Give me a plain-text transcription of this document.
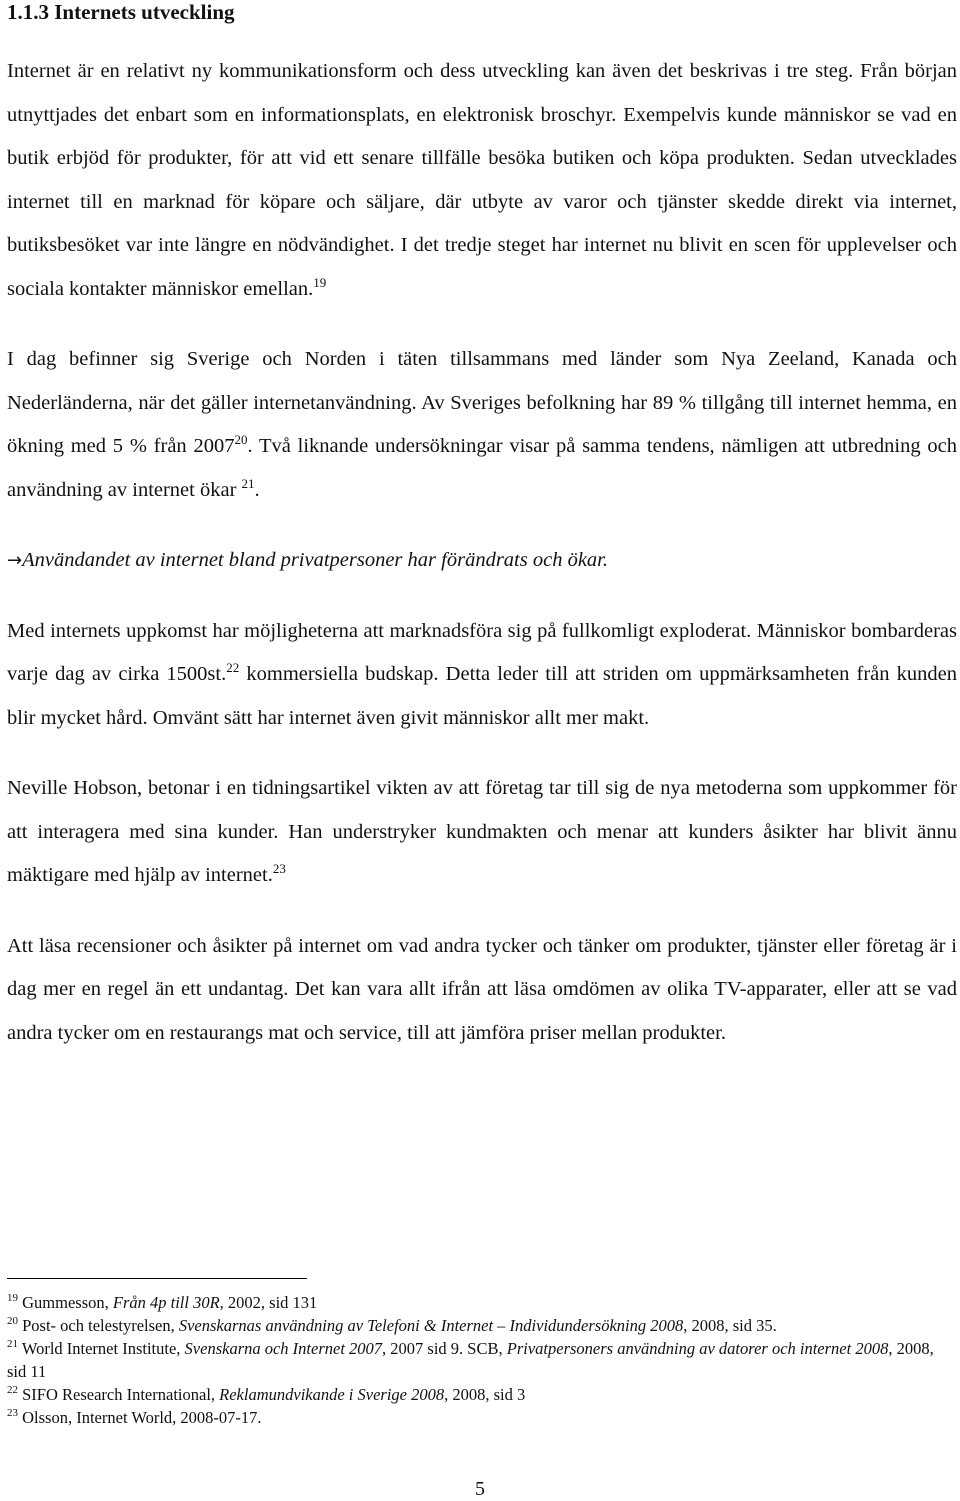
1.1.3 Internets utveckling

Internet är en relativt ny kommunikationsform och dess utveckling kan även det beskrivas i tre steg. Från början utnyttjades det enbart som en informationsplats, en elektronisk broschyr. Exempelvis kunde människor se vad en butik erbjöd för produkter, för att vid ett senare tillfälle besöka butiken och köpa produkten. Sedan utvecklades internet till en marknad för köpare och säljare, där utbyte av varor och tjänster skedde direkt via internet, butiksbesöket var inte längre en nödvändighet. I det tredje steget har internet nu blivit en scen för upplevelser och sociala kontakter människor emellan.$^{19}$

I dag befinner sig Sverige och Norden i täten tillsammans med länder som Nya Zeeland, Kanada och Nederländerna, när det gäller internetanvändning. Av Sveriges befolkning har 89 % tillgång till internet hemma, en ökning med 5 % från 2007$^{20}$. Två liknande undersökningar visar på samma tendens, nämligen att utbredning och användning av internet ökar $^{21}$.

→Användandet av internet bland privatpersoner har förändrats och ökar.

Med internets uppkomst har möjligheterna att marknadsföra sig på fullkomligt exploderat. Människor bombarderas varje dag av cirka 1500st.$^{22}$ kommersiella budskap. Detta leder till att striden om uppmärksamheten från kunden blir mycket hård. Omvänt sätt har internet även givit människor allt mer makt.

Neville Hobson, betonar i en tidningsartikel vikten av att företag tar till sig de nya metoderna som uppkommer för att interagera med sina kunder. Han understryker kundmakten och menar att kunders åsikter har blivit ännu mäktigare med hjälp av internet.$^{23}$

Att läsa recensioner och åsikter på internet om vad andra tycker och tänker om produkter, tjänster eller företag är i dag mer en regel än ett undantag. Det kan vara allt ifrån att läsa omdömen av olika TV-apparater, eller att se vad andra tycker om en restaurangs mat och service, till att jämföra priser mellan produkter.

$^{19}$ Gummesson, Från 4p till 30R, 2002, sid 131

$^{20}$ Post- och telestyrelsen, Svenskarnas användning av Telefoni & Internet – Individundersökning 2008, 2008, sid 35.

$^{21}$ World Internet Institute, Svenskarna och Internet 2007, 2007 sid 9. SCB, Privatpersoners användning av datorer och internet 2008, 2008, sid 11

$^{22}$ SIFO Research International, Reklamundvikande i Sverige 2008, 2008, sid 3

$^{23}$ Olsson, Internet World, 2008-07-17.

5
